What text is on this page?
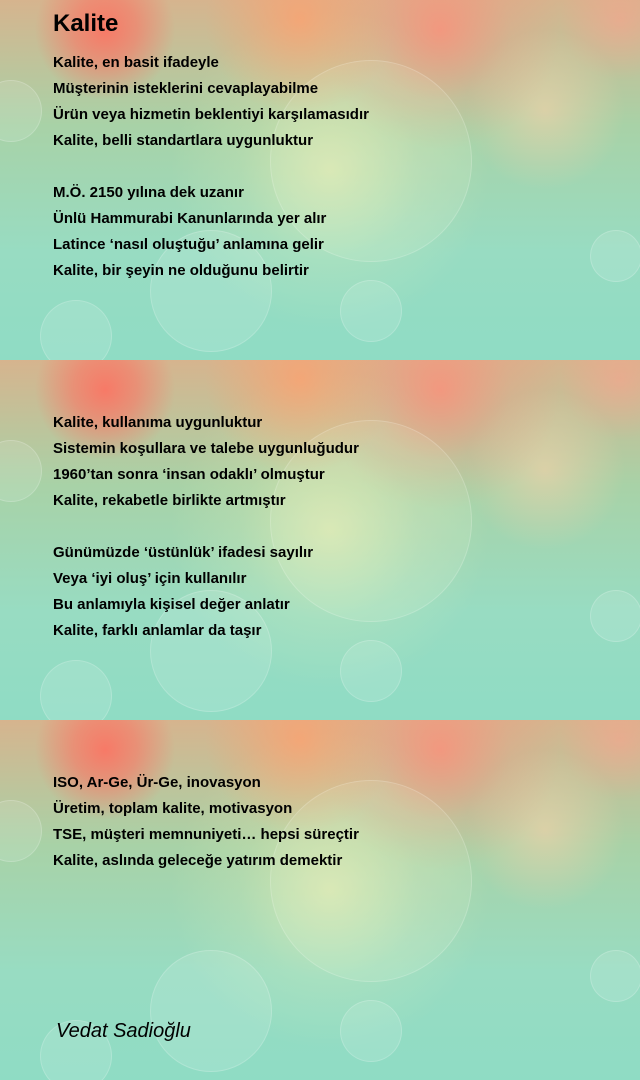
Kalite

Kalite, en basit ifadeyle
Müşterinin isteklerini cevaplayabilme
Ürün veya hizmetin beklentiyi karşılamasıdır
Kalite, belli standartlara uygunluktur

M.Ö. 2150 yılına dek uzanır
Ünlü Hammurabi Kanunlarında yer alır
Latince ‘nasıl oluştuğu’ anlamına gelir
Kalite, bir şeyin ne olduğunu belirtir

Kalite, kullanıma uygunluktur
Sistemin koşullara ve talebe uygunluğudur
1960’tan sonra ‘insan odaklı’ olmuştur
Kalite, rekabetle birlikte artmıştır

Günümüzde ‘üstünlük’ ifadesi sayılır
Veya ‘iyi oluş’ için kullanılır
Bu anlamıyla kişisel değer anlatır
Kalite, farklı anlamlar da taşır

ISO, Ar-Ge, Ür-Ge, inovasyon
Üretim, toplam kalite, motivasyon
TSE, müşteri memnuniyeti… hepsi süreçtir
Kalite, aslında geleceğe yatırım demektir

Vedat Sadioğlu
